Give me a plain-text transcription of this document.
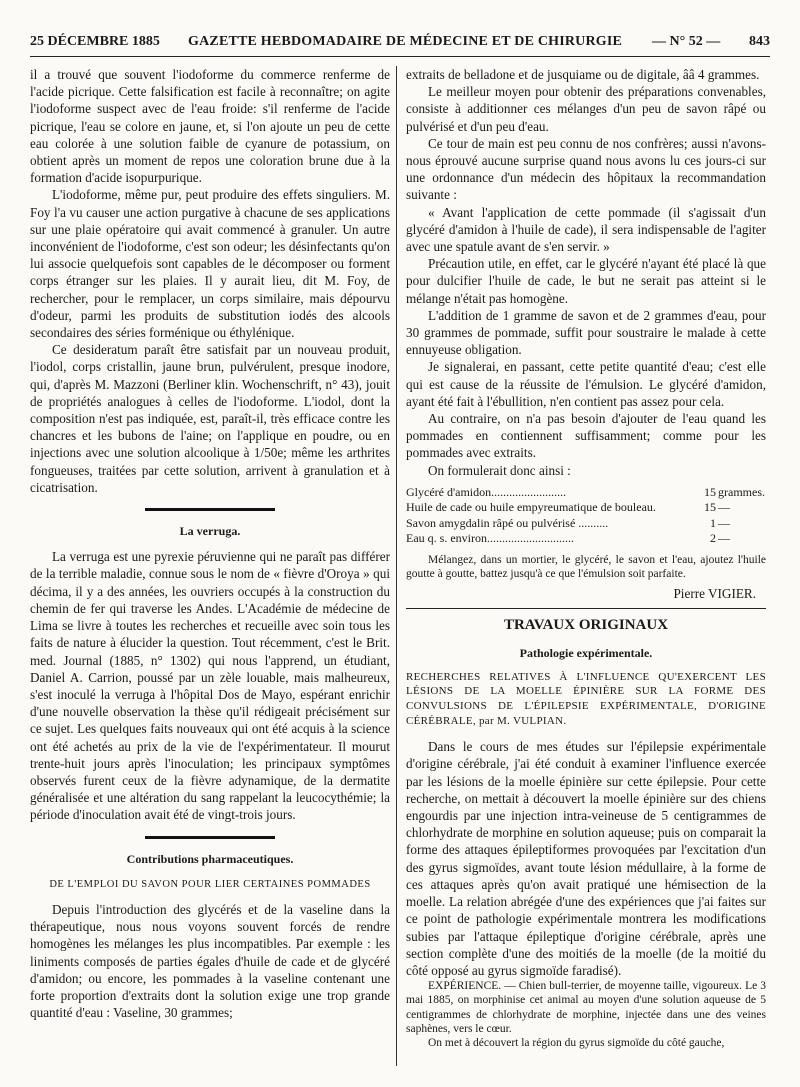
25 DÉCEMBRE 1885 GAZETTE HEBDOMADAIRE DE MÉDECINE ET DE CHIRURGIE — N° 52 — 843

il a trouvé que souvent l'iodoforme du commerce renferme de l'acide picrique. Cette falsification est facile à reconnaître; on agite l'iodoforme suspect avec de l'eau froide: s'il renferme de l'acide picrique, l'eau se colore en jaune, et, si l'on ajoute un peu de cette eau colorée à une solution faible de cyanure de potassium, on obtient après un moment de repos une coloration brune due à la formation d'acide isopurpurique.

L'iodoforme, même pur, peut produire des effets singuliers. M. Foy l'a vu causer une action purgative à chacune de ses applications sur une plaie opératoire qui avait commencé à granuler. Un autre inconvénient de l'iodoforme, c'est son odeur; les désinfectants qu'on lui associe quelquefois sont capables de le décomposer ou forment corps étranger sur les plaies. Il y aurait lieu, dit M. Foy, de rechercher, pour le remplacer, un corps similaire, mais dépourvu d'odeur, parmi les produits de substitution iodés des alcools secondaires des séries forménique ou éthylénique.

Ce desideratum paraît être satisfait par un nouveau produit, l'iodol, corps cristallin, jaune brun, pulvérulent, presque inodore, qui, d'après M. Mazzoni (Berliner klin. Wochenschrift, n° 43), jouit de propriétés analogues à celles de l'iodoforme. L'iodol, dont la composition n'est pas indiquée, est, paraît-il, très efficace contre les chancres et les bubons de l'aine; on l'applique en poudre, ou en injections avec une solution alcoolique à 1/50e; même les arthrites fongueuses, traitées par cette solution, arrivent à granulation et à cicatrisation.

La verruga.

La verruga est une pyrexie péruvienne qui ne paraît pas différer de la terrible maladie, connue sous le nom de « fièvre d'Oroya » qui décima, il y a des années, les ouvriers occupés à la construction du chemin de fer qui traverse les Andes. L'Académie de médecine de Lima se livre à toutes les recherches et recueille avec soin tous les faits de nature à élucider la question. Tout récemment, c'est le Brit. med. Journal (1885, n° 1302) qui nous l'apprend, un étudiant, Daniel A. Carrion, poussé par un zèle louable, mais malheureux, s'est inoculé la verruga à l'hôpital Dos de Mayo, espérant enrichir d'une nouvelle observation la thèse qu'il rédigeait précisément sur ce sujet. Les quelques faits nouveaux qui ont été acquis à la science ont été achetés au prix de la vie de l'expérimentateur. Il mourut trente-huit jours après l'inoculation; les principaux symptômes observés furent ceux de la fièvre adynamique, de la dermatite généralisée et une altération du sang rappelant la leucocythémie; la période d'inoculation avait été de vingt-trois jours.

Contributions pharmaceutiques.
DE L'EMPLOI DU SAVON POUR LIER CERTAINES POMMADES

Depuis l'introduction des glycérés et de la vaseline dans la thérapeutique, nous nous voyons souvent forcés de rendre homogènes les mélanges les plus incompatibles. Par exemple : les liniments composés de parties égales d'huile de cade et de glycéré d'amidon; ou encore, les pommades à la vaseline contenant une forte proportion d'extraits dont la solution exige une trop grande quantité d'eau : Vaseline, 30 grammes;

extraits de belladone et de jusquiame ou de digitale, ââ 4 grammes.

Le meilleur moyen pour obtenir des préparations convenables, consiste à additionner ces mélanges d'un peu de savon râpé ou pulvérisé et d'un peu d'eau.

Ce tour de main est peu connu de nos confrères; aussi n'avons-nous éprouvé aucune surprise quand nous avons lu ces jours-ci sur une ordonnance d'un médecin des hôpitaux la recommandation suivante :

« Avant l'application de cette pommade (il s'agissait d'un glycéré d'amidon à l'huile de cade), il sera indispensable de l'agiter avec une spatule avant de s'en servir. »

Précaution utile, en effet, car le glycéré n'ayant été placé là que pour dulcifier l'huile de cade, le but ne serait pas atteint si le mélange n'était pas homogène.

L'addition de 1 gramme de savon et de 2 grammes d'eau, pour 30 grammes de pommade, suffit pour soustraire le malade à cette ennuyeuse obligation.

Je signalerai, en passant, cette petite quantité d'eau; c'est elle qui est cause de la réussite de l'émulsion. Le glycéré d'amidon, ayant été fait à l'ébullition, n'en contient pas assez pour cela.

Au contraire, on n'a pas besoin d'ajouter de l'eau quand les pommades en contiennent suffisamment; comme pour les pommades avec extraits.

On formulerait donc ainsi :

Glycéré d'amidon.........................	15 grammes.
Huile de cade ou huile empyreumatique de bouleau.	15 —
Savon amygdalin râpé ou pulvérisé ..........	1 —
Eau q. s. environ.............................	2 —

Mélangez, dans un mortier, le glycéré, le savon et l'eau, ajoutez l'huile goutte à goutte, battez jusqu'à ce que l'émulsion soit parfaite.

Pierre VIGIER.
TRAVAUX ORIGINAUX
Pathologie expérimentale.
RECHERCHES RELATIVES À L'INFLUENCE QU'EXERCENT LES LÉSIONS DE LA MOELLE ÉPINIÈRE SUR LA FORME DES CONVULSIONS DE L'ÉPILEPSIE EXPÉRIMENTALE, D'ORIGINE CÉRÉBRALE, par M. VULPIAN.

Dans le cours de mes études sur l'épilepsie expérimentale d'origine cérébrale, j'ai été conduit à examiner l'influence exercée par les lésions de la moelle épinière sur cette épilepsie. Pour cette recherche, on mettait à découvert la moelle épinière sur des chiens engourdis par une injection intra-veineuse de 5 centigrammes de chlorhydrate de morphine en solution aqueuse; puis on comparait la forme des attaques épileptiformes provoquées par l'excitation d'un des gyrus sigmoïdes, avant toute lésion médullaire, à la forme de ces attaques après qu'on avait pratiqué une hémisection de la moelle. La relation abrégée d'une des expériences que j'ai faites sur ce point de pathologie expérimentale montrera les modifications subies par l'attaque épileptique d'origine cérébrale, après une section complète d'une des moitiés de la moelle (de la moitié du côté opposé au gyrus sigmoïde faradisé).

EXPÉRIENCE. — Chien bull-terrier, de moyenne taille, vigoureux. Le 3 mai 1885, on morphinise cet animal au moyen d'une solution aqueuse de 5 centigrammes de chlorhydrate de morphine, injectée dans une des veines saphènes, vers le cœur.

On met à découvert la région du gyrus sigmoïde du côté gauche,
